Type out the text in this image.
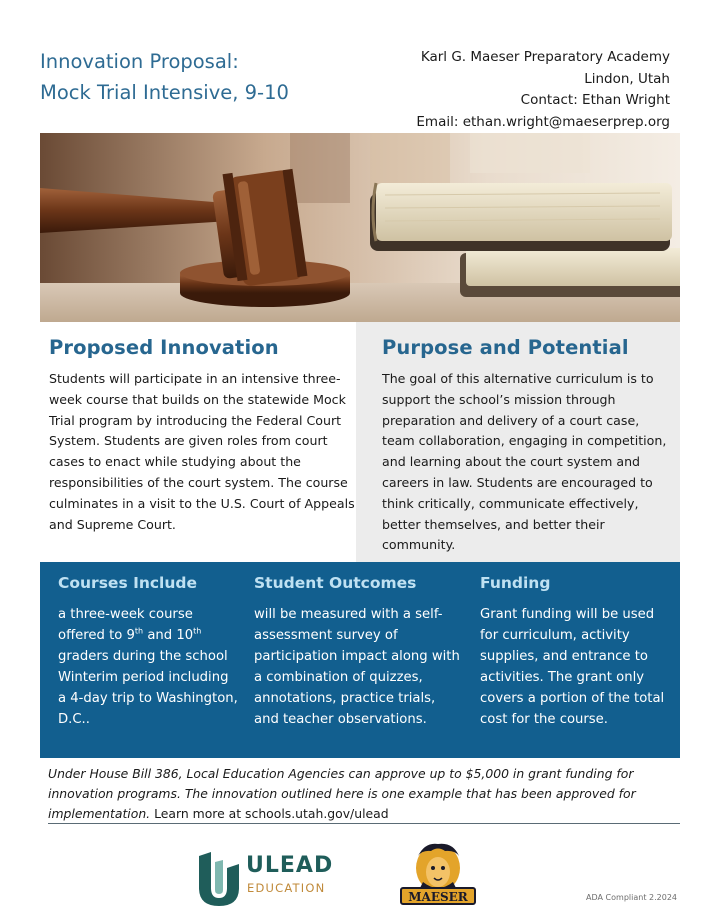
Innovation Proposal:
Mock Trial Intensive, 9-10
Karl G. Maeser Preparatory Academy
Lindon, Utah
Contact: Ethan Wright
Email: ethan.wright@maeserprep.org
Proposed Innovation

Students will participate in an intensive three-week course that builds on the statewide Mock Trial program by introducing the Federal Court System. Students are given roles from court cases to enact while studying about the responsibilities of the court system. The course culminates in a visit to the U.S. Court of Appeals and Supreme Court.

Purpose and Potential

The goal of this alternative curriculum is to support the school’s mission through preparation and delivery of a court case, team collaboration, engaging in competition, and learning about the court system and careers in law. Students are encouraged to think critically, communicate effectively, better themselves, and better their community.

Courses Include

a three-week course offered to 9th and 10th graders during the school Winterim period including a 4-day trip to Washington, D.C..

Student Outcomes

will be measured with a self-assessment survey of participation impact along with a combination of quizzes, annotations, practice trials, and teacher observations.

Funding

Grant funding will be used for curriculum, activity supplies, and entrance to activities. The grant only covers a portion of the total cost for the course.

Under House Bill 386, Local Education Agencies can approve up to $5,000 in grant funding for innovation programs. The innovation outlined here is one example that has been approved for implementation. Learn more at schools.utah.gov/ulead

ULEAD
EDUCATION
MAESER	ADA Compliant 2.2024
